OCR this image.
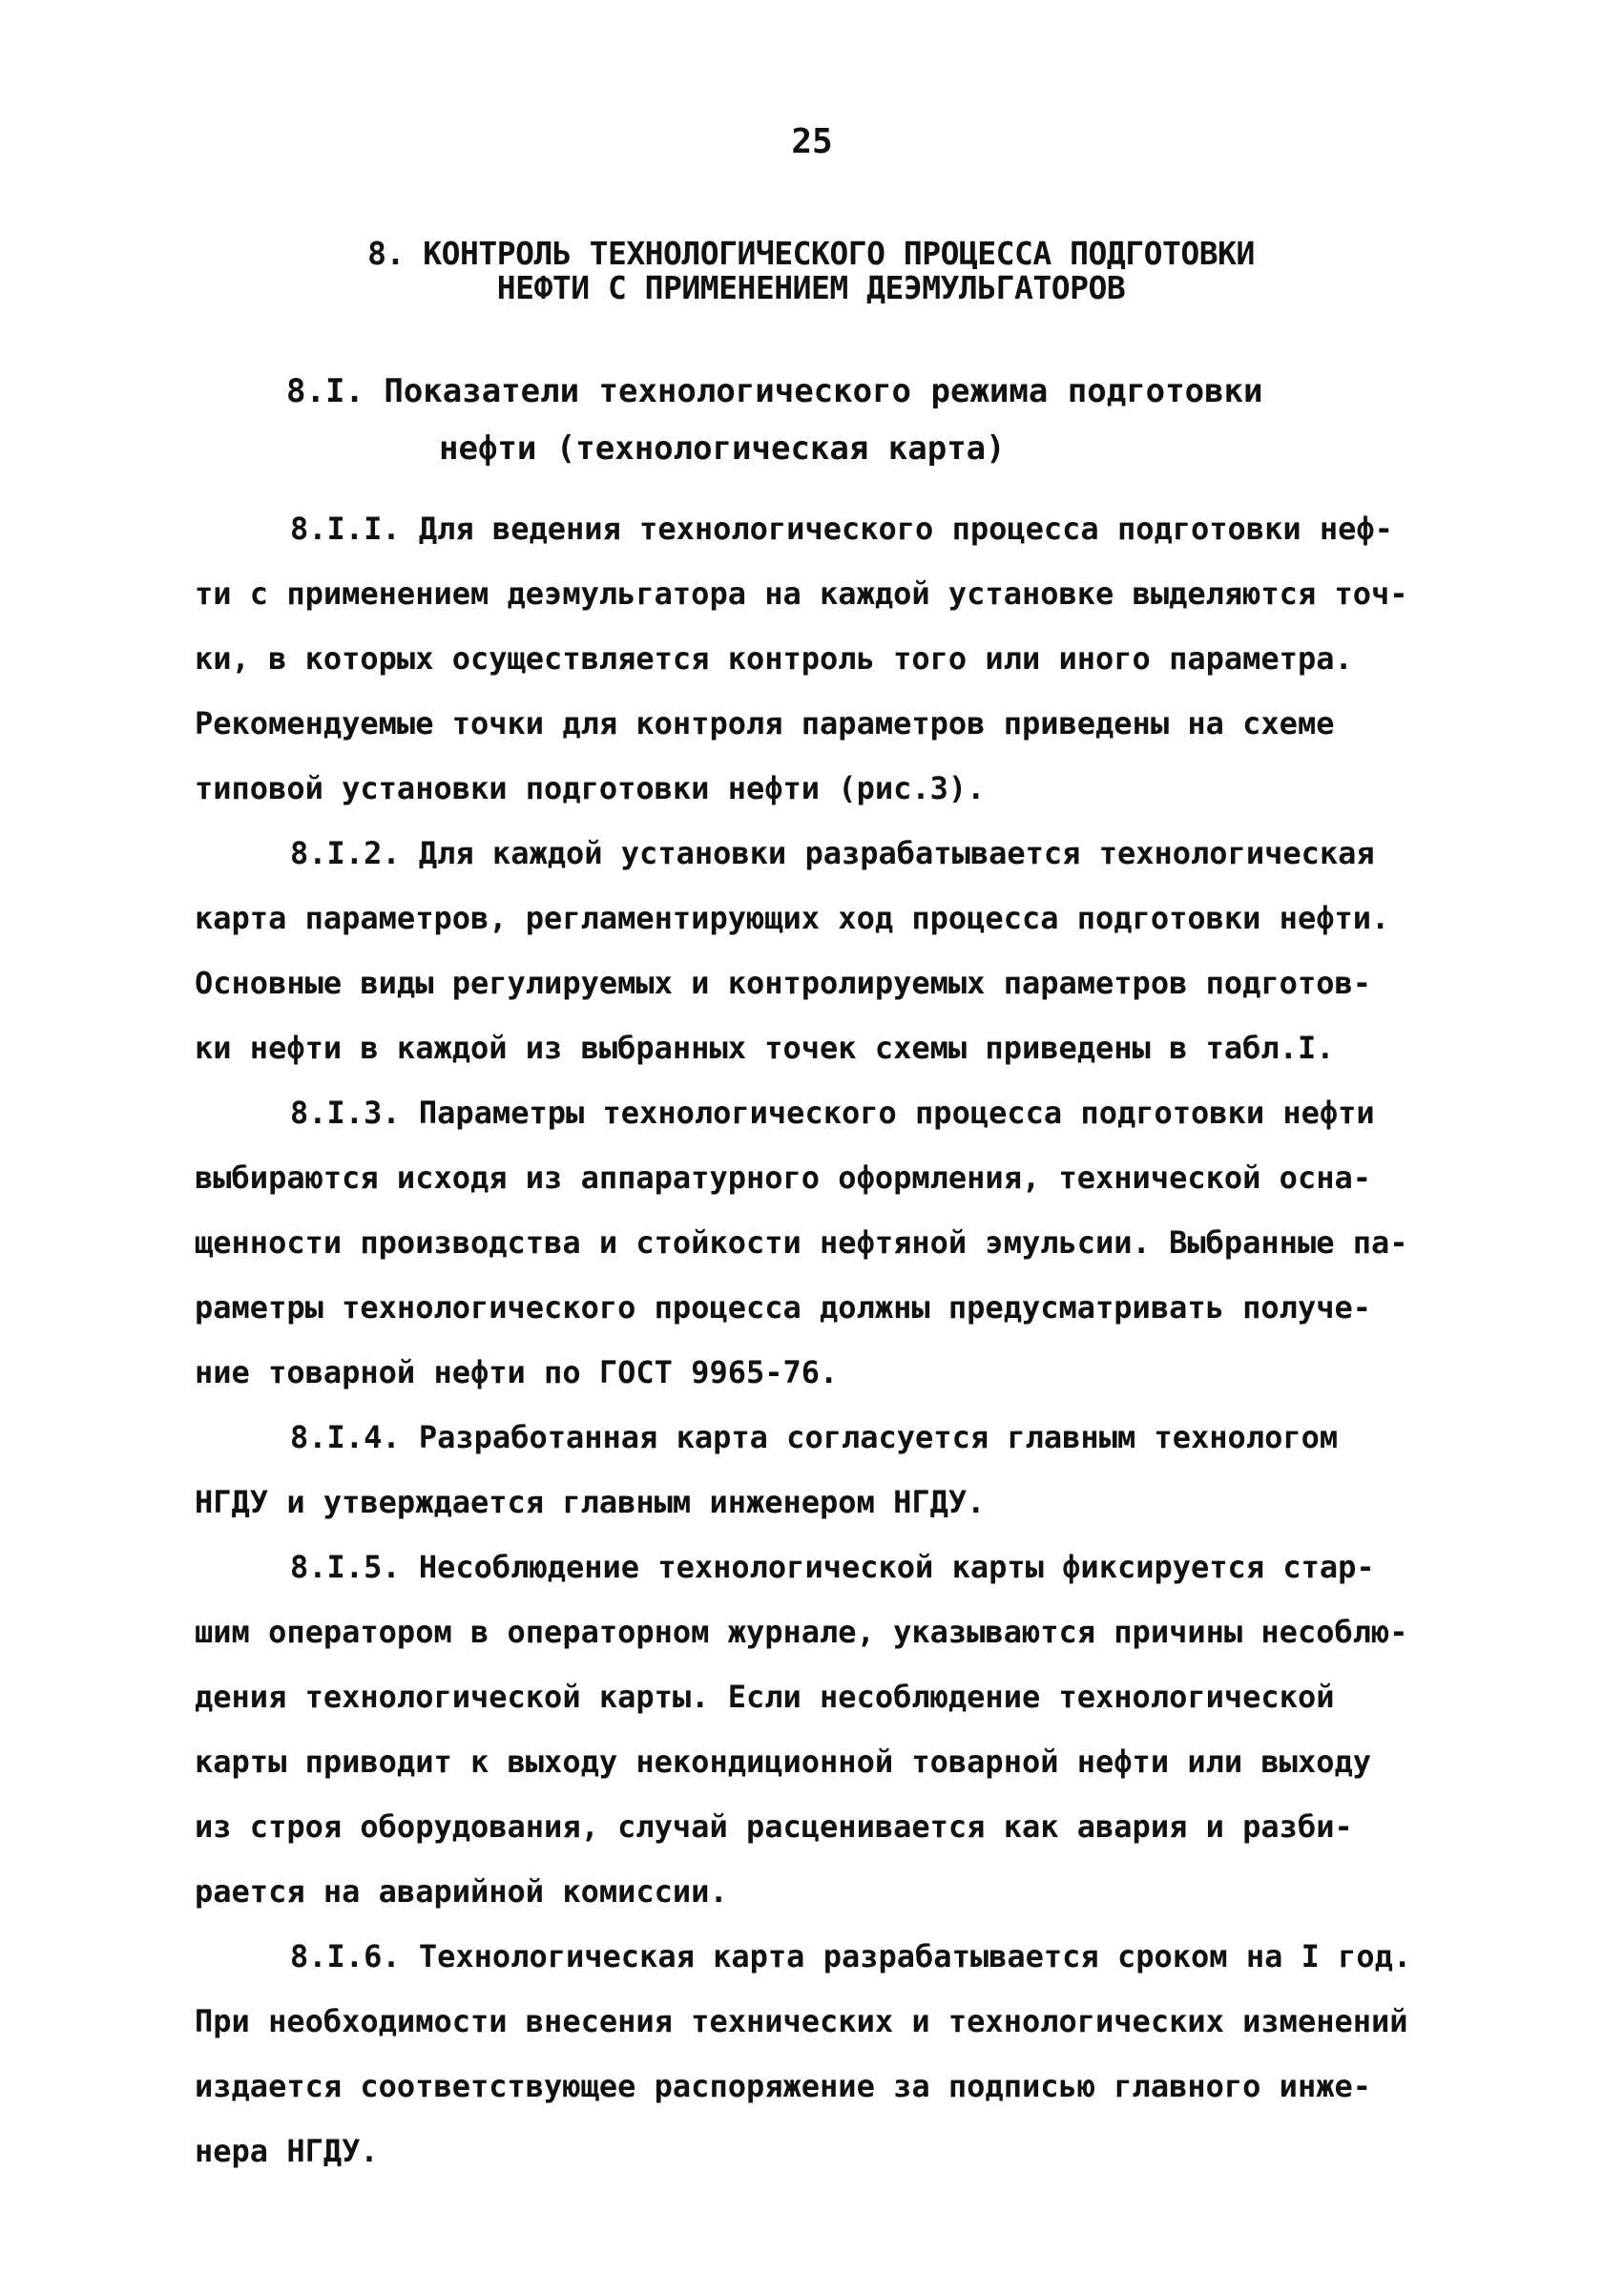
25
8. КОНТРОЛЬ ТЕХНОЛОГИЧЕСКОГО ПРОЦЕССА ПОДГОТОВКИ
НЕФТИ С ПРИМЕНЕНИЕМ ДЕЭМУЛЬГАТОРОВ
8.I. Показатели технологического режима подготовки
нефти (технологическая карта)
8.I.I. Для ведения технологического процесса подготовки неф-
ти с применением деэмульгатора на каждой установке выделяются точ-
ки, в которых осуществляется контроль того или иного параметра.
Рекомендуемые точки для контроля параметров приведены на схеме
типовой установки подготовки нефти (рис.3).
8.I.2. Для каждой установки разрабатывается технологическая
карта параметров, регламентирующих ход процесса подготовки нефти.
Основные виды регулируемых и контролируемых параметров подготов-
ки нефти в каждой из выбранных точек схемы приведены в табл.I.
8.I.3. Параметры технологического процесса подготовки нефти
выбираются исходя из аппаратурного оформления, технической осна-
щенности производства и стойкости нефтяной эмульсии. Выбранные па-
раметры технологического процесса должны предусматривать получе-
ние товарной нефти по ГОСТ 9965-76.
8.I.4. Разработанная карта согласуется главным технологом
НГДУ и утверждается главным инженером НГДУ.
8.I.5. Несоблюдение технологической карты фиксируется стар-
шим оператором в операторном журнале, указываются причины несоблю-
дения технологической карты. Если несоблюдение технологической
карты приводит к выходу некондиционной товарной нефти или выходу
из строя оборудования, случай расценивается как авария и разби-
рается на аварийной комиссии.
8.I.6. Технологическая карта разрабатывается сроком на I год.
При необходимости внесения технических и технологических изменений
издается соответствующее распоряжение за подписью главного инже-
нера НГДУ.
